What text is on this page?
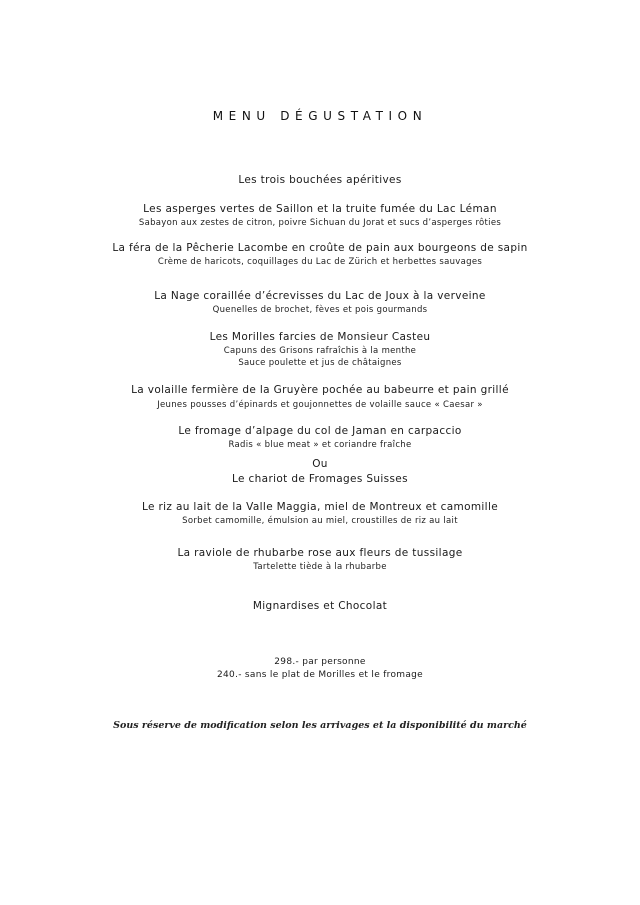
MENU DÉGUSTATION
Les trois bouchées apéritives
Les asperges vertes de Saillon et la truite fumée du Lac Léman
Sabayon aux zestes de citron, poivre Sichuan du Jorat et sucs d’asperges rôties
La féra de la Pêcherie Lacombe en croûte de pain aux bourgeons de sapin
Crème de haricots, coquillages du Lac de Zürich et herbettes sauvages
La Nage coraillée d’écrevisses du Lac de Joux à la verveine
Quenelles de brochet, fèves et pois gourmands
Les Morilles farcies de Monsieur Casteu
Capuns des Grisons rafraîchis à la menthe
Sauce poulette et jus de châtaignes
La volaille fermière de la Gruyère pochée au babeurre et pain grillé
Jeunes pousses d’épinards et goujonnettes de volaille sauce « Caesar »
Le fromage d’alpage du col de Jaman en carpaccio
Radis « blue meat » et coriandre fraîche
Ou
Le chariot de Fromages Suisses
Le riz au lait de la Valle Maggia, miel de Montreux et camomille
Sorbet camomille, émulsion au miel, croustilles de riz au lait
La raviole de rhubarbe rose aux fleurs de tussilage
Tartelette tiède à la rhubarbe
Mignardises et Chocolat
298.- par personne
240.- sans le plat de Morilles et le fromage
Sous réserve de modification selon les arrivages et la disponibilité du marché
